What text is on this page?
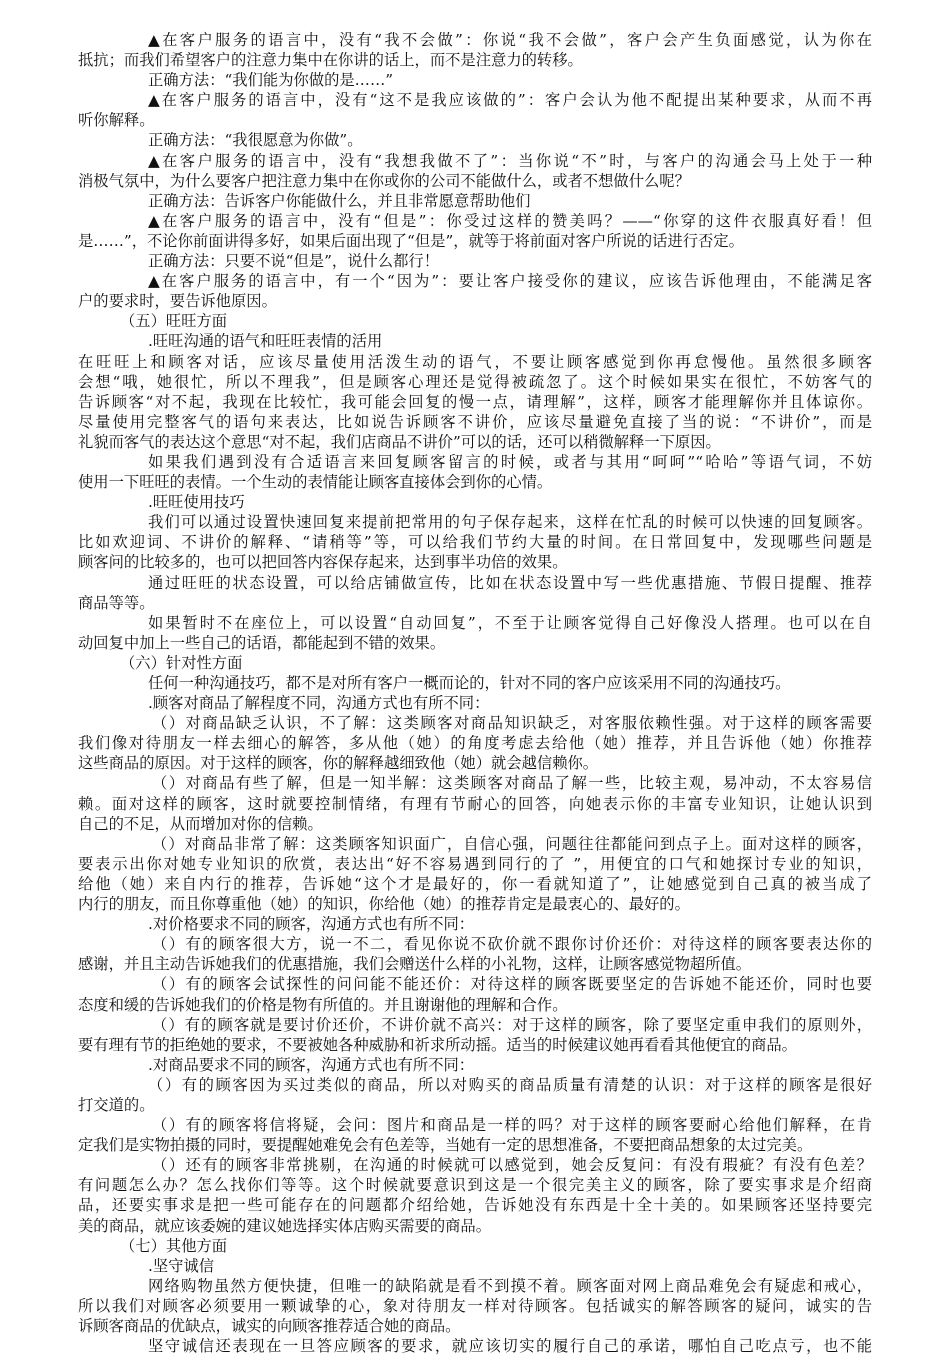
▲在客户服务的语言中，没有“我不会做”：你说“我不会做”，客户会产生负面感觉，认为你在
抵抗；而我们希望客户的注意力集中在你讲的话上，而不是注意力的转移。
正确方法：“我们能为你做的是……”
▲在客户服务的语言中，没有“这不是我应该做的”：客户会认为他不配提出某种要求，从而不再
听你解释。
正确方法：“我很愿意为你做”。
▲在客户服务的语言中，没有“我想我做不了”：当你说“不”时，与客户的沟通会马上处于一种
消极气氛中，为什么要客户把注意力集中在你或你的公司不能做什么，或者不想做什么呢？
正确方法：告诉客户你能做什么，并且非常愿意帮助他们
▲在客户服务的语言中，没有“但是”：你受过这样的赞美吗？——“你穿的这件衣服真好看！但
是……”，不论你前面讲得多好，如果后面出现了“但是”，就等于将前面对客户所说的话进行否定。
正确方法：只要不说“但是”，说什么都行！
▲在客户服务的语言中，有一个“因为”：要让客户接受你的建议，应该告诉他理由，不能满足客
户的要求时，要告诉他原因。
（五）旺旺方面
.旺旺沟通的语气和旺旺表情的活用
在旺旺上和顾客对话，应该尽量使用活泼生动的语气，不要让顾客感觉到你再怠慢他。虽然很多顾客
会想“哦，她很忙，所以不理我”，但是顾客心理还是觉得被疏忽了。这个时候如果实在很忙，不妨客气的
告诉顾客“对不起，我现在比较忙，我可能会回复的慢一点，请理解”，这样，顾客才能理解你并且体谅你。
尽量使用完整客气的语句来表达，比如说告诉顾客不讲价，应该尽量避免直接了当的说：“不讲价”，而是
礼貌而客气的表达这个意思“对不起，我们店商品不讲价”可以的话，还可以稍微解释一下原因。
如果我们遇到没有合适语言来回复顾客留言的时候，或者与其用“呵呵”“哈哈”等语气词，不妨
使用一下旺旺的表情。一个生动的表情能让顾客直接体会到你的心情。
.旺旺使用技巧
我们可以通过设置快速回复来提前把常用的句子保存起来，这样在忙乱的时候可以快速的回复顾客。
比如欢迎词、不讲价的解释、“请稍等”等，可以给我们节约大量的时间。在日常回复中，发现哪些问题是
顾客问的比较多的，也可以把回答内容保存起来，达到事半功倍的效果。
通过旺旺的状态设置，可以给店铺做宣传，比如在状态设置中写一些优惠措施、节假日提醒、推荐
商品等等。
如果暂时不在座位上，可以设置“自动回复”，不至于让顾客觉得自己好像没人搭理。也可以在自
动回复中加上一些自己的话语，都能起到不错的效果。
（六）针对性方面
任何一种沟通技巧，都不是对所有客户一概而论的，针对不同的客户应该采用不同的沟通技巧。
.顾客对商品了解程度不同，沟通方式也有所不同：
（）对商品缺乏认识，不了解：这类顾客对商品知识缺乏，对客服依赖性强。对于这样的顾客需要
我们像对待朋友一样去细心的解答，多从他（她）的角度考虑去给他（她）推荐，并且告诉他（她）你推荐
这些商品的原因。对于这样的顾客，你的解释越细致他（她）就会越信赖你。
（）对商品有些了解，但是一知半解：这类顾客对商品了解一些，比较主观，易冲动，不太容易信
赖。面对这样的顾客，这时就要控制情绪，有理有节耐心的回答，向她表示你的丰富专业知识，让她认识到
自己的不足，从而增加对你的信赖。
（）对商品非常了解：这类顾客知识面广，自信心强，问题往往都能问到点子上。面对这样的顾客，
要表示出你对她专业知识的欣赏，表达出“好不容易遇到同行的了 ”，用便宜的口气和她探讨专业的知识，
给他（她）来自内行的推荐，告诉她“这个才是最好的，你一看就知道了”，让她感觉到自己真的被当成了
内行的朋友，而且你尊重他（她）的知识，你给他（她）的推荐肯定是最衷心的、最好的。
.对价格要求不同的顾客，沟通方式也有所不同：
（）有的顾客很大方，说一不二，看见你说不砍价就不跟你讨价还价：对待这样的顾客要表达你的
感谢，并且主动告诉她我们的优惠措施，我们会赠送什么样的小礼物，这样，让顾客感觉物超所值。
（）有的顾客会试探性的问问能不能还价：对待这样的顾客既要坚定的告诉她不能还价，同时也要
态度和缓的告诉她我们的价格是物有所值的。并且谢谢他的理解和合作。
（）有的顾客就是要讨价还价，不讲价就不高兴：对于这样的顾客，除了要坚定重申我们的原则外，
要有理有节的拒绝她的要求，不要被她各种威胁和祈求所动摇。适当的时候建议她再看看其他便宜的商品。
.对商品要求不同的顾客，沟通方式也有所不同：
（）有的顾客因为买过类似的商品，所以对购买的商品质量有清楚的认识：对于这样的顾客是很好
打交道的。
（）有的顾客将信将疑，会问：图片和商品是一样的吗？对于这样的顾客要耐心给他们解释，在肯
定我们是实物拍摄的同时，要提醒她难免会有色差等，当她有一定的思想准备，不要把商品想象的太过完美。
（）还有的顾客非常挑剔，在沟通的时候就可以感觉到，她会反复问：有没有瑕疵？有没有色差？
有问题怎么办？怎么找你们等等。这个时候就要意识到这是一个很完美主义的顾客，除了要实事求是介绍商
品，还要实事求是把一些可能存在的问题都介绍给她，告诉她没有东西是十全十美的。如果顾客还坚持要完
美的商品，就应该委婉的建议她选择实体店购买需要的商品。
（七）其他方面
.坚守诚信
网络购物虽然方便快捷，但唯一的缺陷就是看不到摸不着。顾客面对网上商品难免会有疑虑和戒心，
所以我们对顾客必须要用一颗诚挚的心，象对待朋友一样对待顾客。包括诚实的解答顾客的疑问，诚实的告
诉顾客商品的优缺点，诚实的向顾客推荐适合她的商品。
坚守诚信还表现在一旦答应顾客的要求，就应该切实的履行自己的承诺，哪怕自己吃点亏，也不能
